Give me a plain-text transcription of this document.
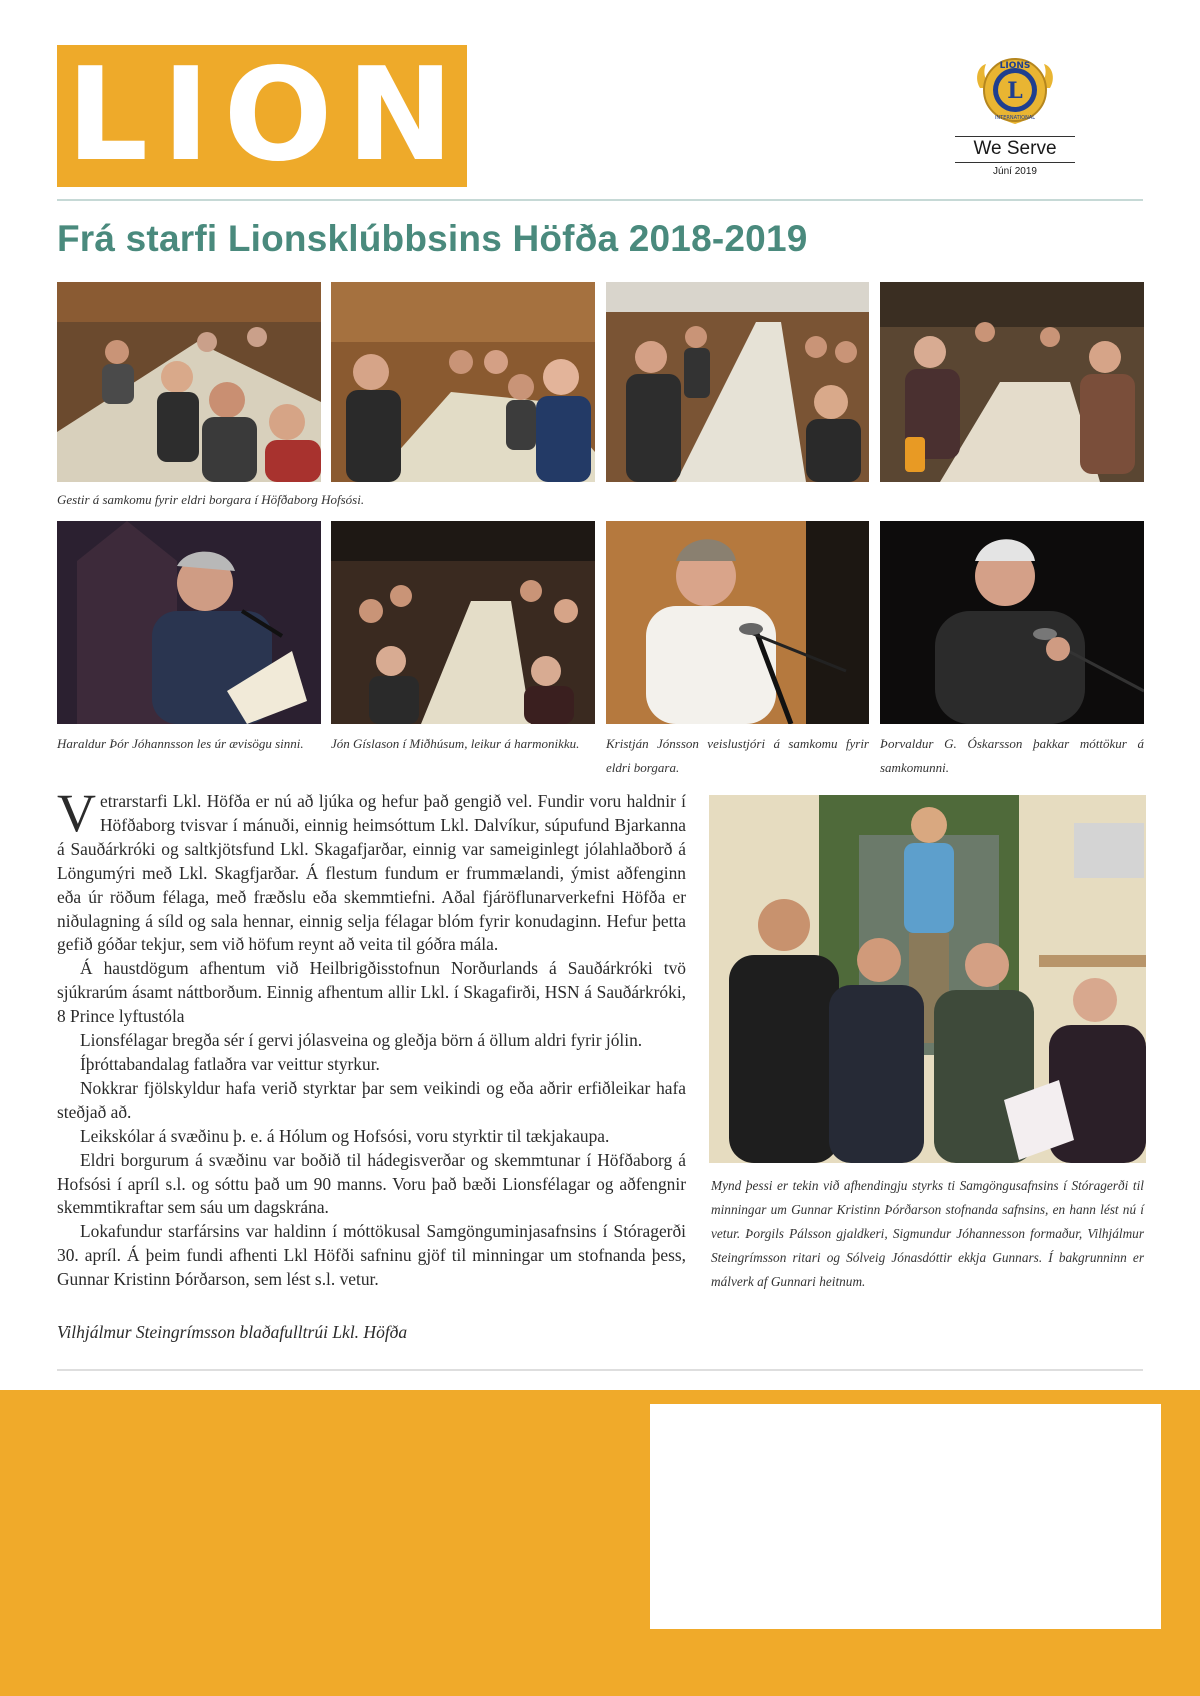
LION	LIONS
L
INTERNATIONAL
We Serve
Júní 2019
Frá starfi Lionsklúbbsins Höfða 2018-2019
Gestir á samkomu fyrir eldri borgara í Höfðaborg Hofsósi.
Haraldur Þór Jóhannsson les úr ævisögu sinni.	Jón Gíslason í Miðhúsum, leikur á harmonikku.	Kristján Jónsson veislustjóri á samkomu fyrir eldri borgara.
Þorvaldur G. Óskarsson þakkar móttökur á samkomunni.

Vetrarstarfi Lkl. Höfða er nú að ljúka og hefur það gengið vel. Fundir voru haldnir í Höfðaborg tvisvar í mánuði, einnig heimsóttum Lkl. Dalvíkur, súpufund Bjarkanna á Sauðárkróki og saltkjötsfund Lkl. Skagafjarðar, einnig var sameiginlegt jólahlaðborð á Löngumýri með Lkl. Skagfjarðar. Á flestum fundum er frummælandi, ýmist aðfenginn eða úr röðum félaga, með fræðslu eða skemmtiefni. Aðal fjáröflunarverkefni Höfða er niðulagning á síld og sala hennar, einnig selja félagar blóm fyrir konudaginn. Hefur þetta gefið góðar tekjur, sem við höfum reynt að veita til góðra mála.

Á haustdögum afhentum við Heilbrigðisstofnun Norðurlands á Sauðárkróki tvö sjúkrarúm ásamt náttborðum. Einnig afhentum allir Lkl. í Skagafirði, HSN á Sauðárkróki, 8 Prince lyftustóla

Lionsfélagar bregða sér í gervi jólasveina og gleðja börn á öllum aldri fyrir jólin.

Íþróttabandalag fatlaðra var veittur styrkur.

Nokkrar fjölskyldur hafa verið styrktar þar sem veikindi og eða aðrir erfiðleikar hafa steðjað að.

Leikskólar á svæðinu þ. e. á Hólum og Hofsósi, voru styrktir til tækjakaupa.

Eldri borgurum á svæðinu var boðið til hádegisverðar og skemmtunar í Höfðaborg á Hofsósi í apríl s.l. og sóttu það um 90 manns. Voru það bæði Lionsfélagar og aðfengnir skemmtikraftar sem sáu um dagskrána.

Lokafundur starfársins var haldinn í móttökusal Samgönguminjasafnsins í Stóragerði 30. apríl. Á þeim fundi afhenti Lkl Höfði safninu gjöf til minningar um stofnanda þess, Gunnar Kristinn Þórðarson, sem lést s.l. vetur.

Vilhjálmur Steingrímsson blaðafulltrúi Lkl. Höfða
Mynd þessi er tekin við afhendingju styrks ti Samgöngusafnsins í Stóragerði til minningar um Gunnar Kristinn Þórðarson stofnanda safnsins, en hann lést nú í vetur. Þorgils Pálsson gjaldkeri, Sigmundur Jóhannesson formaður, Vilhjálmur Steingrímsson ritari og Sólveig Jónasdóttir ekkja Gunnars. Í bakgrunninn er málverk af Gunnari heitnum.
